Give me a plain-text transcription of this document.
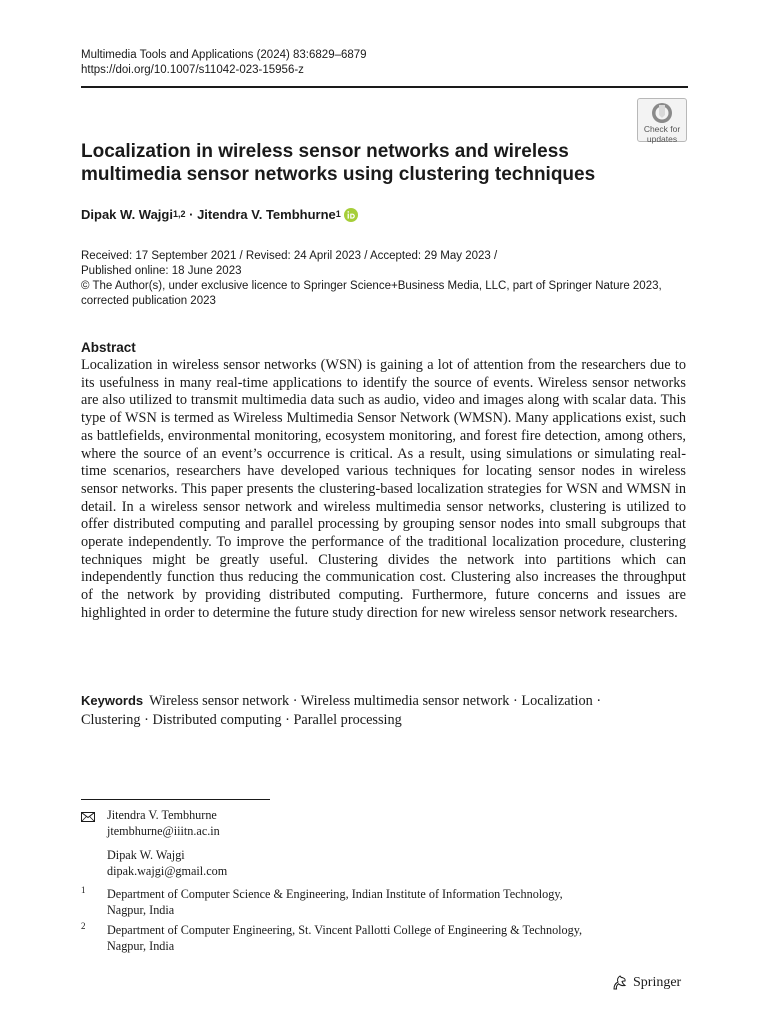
Multimedia Tools and Applications (2024) 83:6829–6879
https://doi.org/10.1007/s11042-023-15956-z
Check for
updates
Localization in wireless sensor networks and wireless
multimedia sensor networks using clustering techniques
Dipak W. Wajgi$^{1,2}$ · Jitendra V. Tembhurne$^1$
Received: 17 September 2021 / Revised: 24 April 2023 / Accepted: 29 May 2023 /
Published online: 18 June 2023
© The Author(s), under exclusive licence to Springer Science+Business Media, LLC, part of Springer Nature 2023,
corrected publication 2023
Abstract

Localization in wireless sensor networks (WSN) is gaining a lot of attention from the researchers due to its usefulness in many real-time applications to identify the source of events. Wireless sensor networks are also utilized to transmit multimedia data such as audio, video and images along with scalar data. This type of WSN is termed as Wireless Multimedia Sensor Network (WMSN). Many applications exist, such as battlefields, environmental monitoring, ecosystem monitoring, and forest fire detection, among others, where the source of an event’s occurrence is critical. As a result, using simulations or simulating real-time scenarios, researchers have developed various techniques for locating sensor nodes in wireless sensor networks. This paper presents the clustering-based localization strategies for WSN and WMSN in detail. In a wireless sensor network and wireless multimedia sensor networks, clustering is utilized to offer distributed computing and parallel processing by grouping sensor nodes into small subgroups that operate independently. To improve the performance of the traditional localization procedure, clustering techniques might be greatly useful. Clustering divides the network into partitions which can independently function thus reducing the communication cost. Clustering also increases the throughput of the network by providing distributed computing. Furthermore, future concerns and issues are highlighted in order to determine the future study direction for new wireless sensor network researchers.

Keywords Wireless sensor network · Wireless multimedia sensor network · Localization ·
Clustering · Distributed computing · Parallel processing
Jitendra V. Tembhurne
jtembhurne@iiitn.ac.in
Dipak W. Wajgi
dipak.wajgi@gmail.com
1 Department of Computer Science & Engineering, Indian Institute of Information Technology,
Nagpur, India
2 Department of Computer Engineering, St. Vincent Pallotti College of Engineering & Technology,
Nagpur, India
Springer
